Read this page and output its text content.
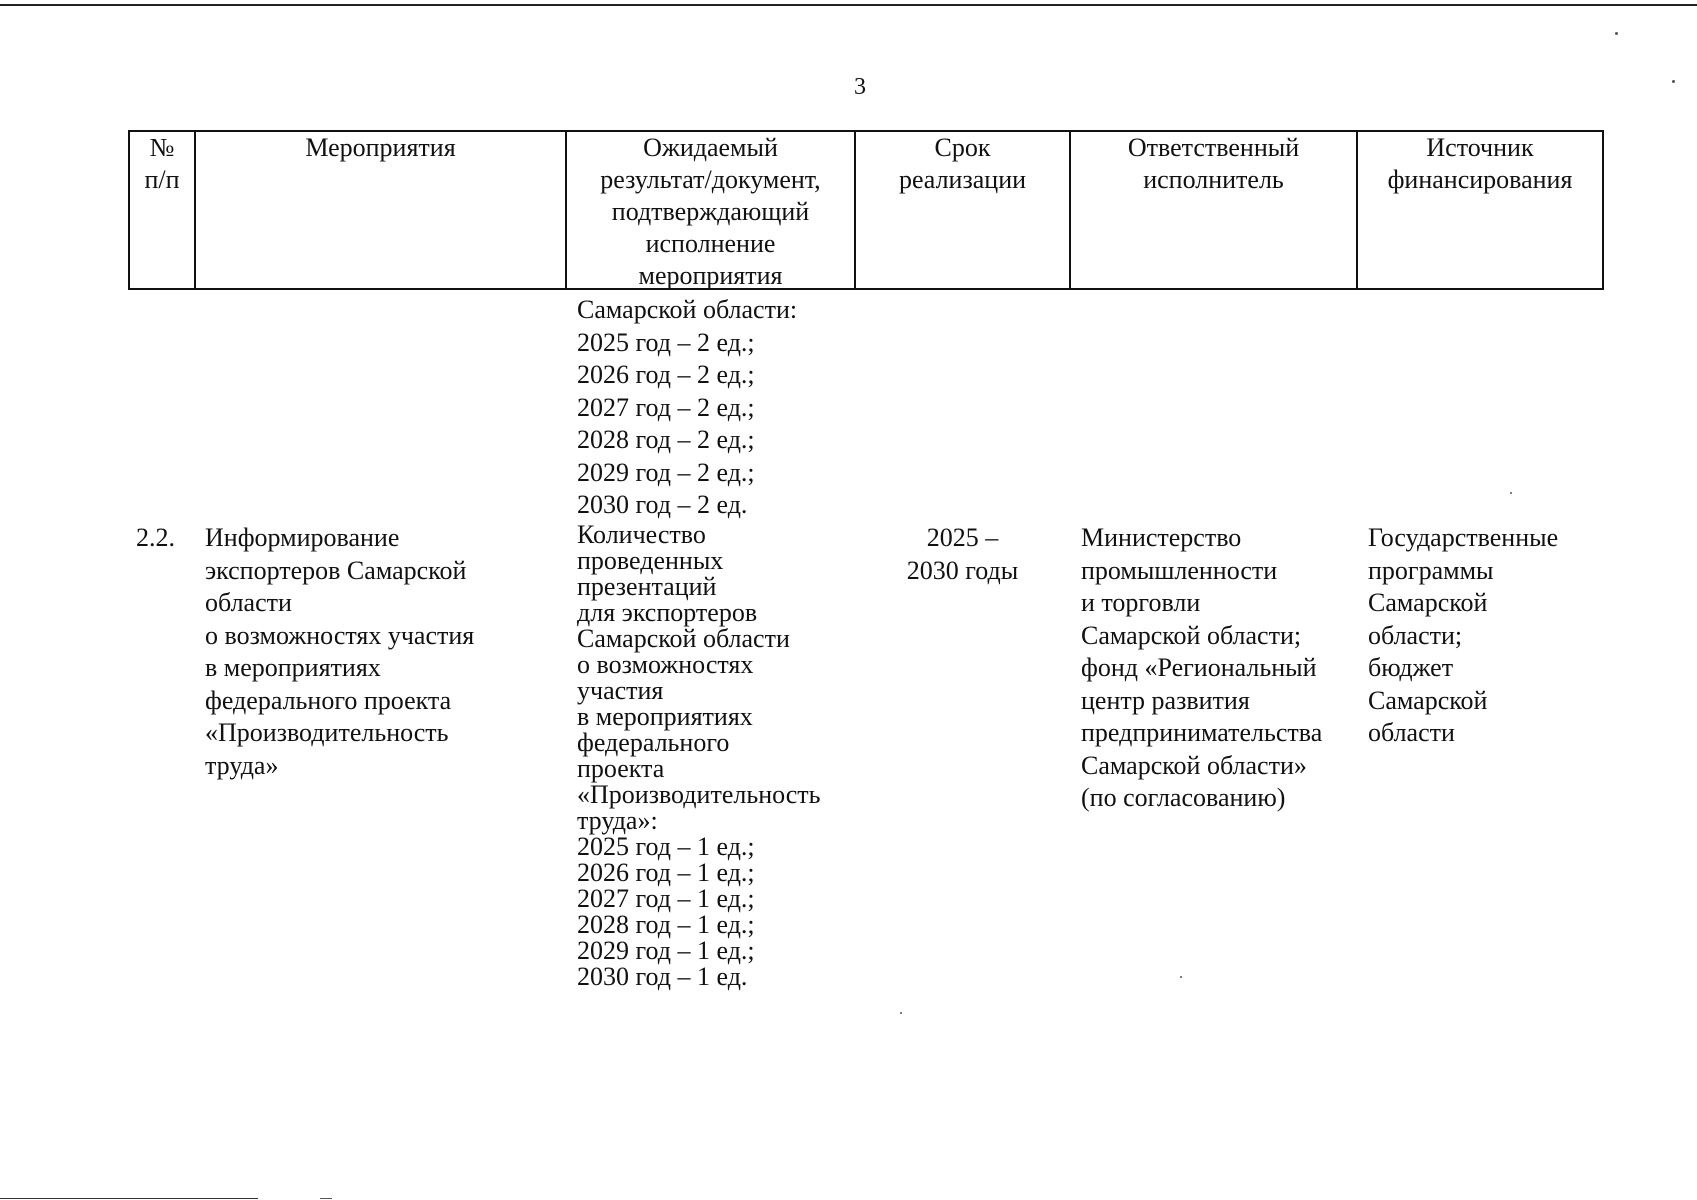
3
№
п/п
Мероприятия	Ожидаемый
результат/документ,
подтверждающий
исполнение
мероприятия
Срок
реализации
Ответственный
исполнитель
Источник
финансирования
Самарской области:
2025 год – 2 ед.;
2026 год – 2 ед.;
2027 год – 2 ед.;
2028 год – 2 ед.;
2029 год – 2 ед.;
2030 год – 2 ед.
2.2. Информирование
экспортеров Самарской
области
о возможностях участия
в мероприятиях
федерального проекта
«Производительность
труда»
Количество
проведенных
презентаций
для экспортеров
Самарской области
о возможностях
участия
в мероприятиях
федерального
проекта
«Производительность
труда»:
2025 год – 1 ед.;
2026 год – 1 ед.;
2027 год – 1 ед.;
2028 год – 1 ед.;
2029 год – 1 ед.;
2030 год – 1 ед.
2025 –
2030 годы
Министерство
промышленности
и торговли
Самарской области;
фонд «Региональный
центр развития
предпринимательства
Самарской области»
(по согласованию)
Государственные
программы
Самарской
области;
бюджет
Самарской
области
